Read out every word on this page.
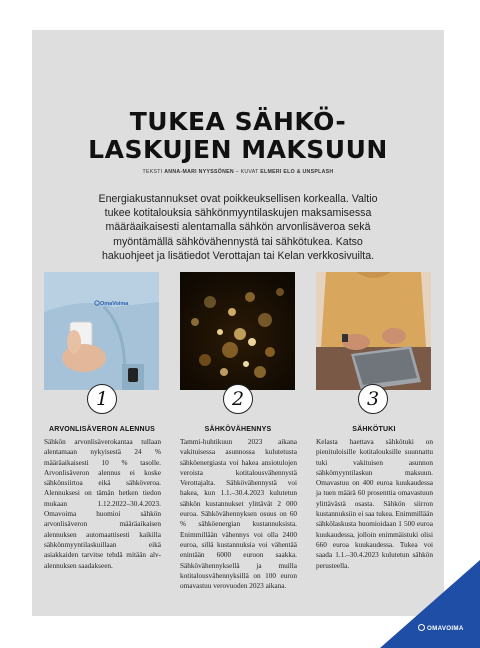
TUKEA SÄHKÖ-
LASKUJEN MAKSUUN
TEKSTI ANNA-MARI NYYSSÖNEN – KUVAT ELMERI ELO & UNSPLASH
Energiakustannukset ovat poikkeuksellisen korkealla. Valtio tukee kotitalouksia sähkönmyyntilaskujen maksamisessa määräaikaisesti alentamalla sähkön arvonlisäveroa sekä myöntämällä sähkövähennystä tai sähkötukea. Katso hakuohjeet ja lisätiedot Verottajan tai Kelan verkkosivuilta.
OmaVoima
1	2	3
ARVONLISÄVERON ALENNUS	SÄHKÖVÄHENNYS	SÄHKÖTUKI
Sähkön arvonlisäverokantaa tullaan alentamaan nykyisestä 24 % määräaikaisesti 10 % tasolle. Arvonlisäveron alennus ei koske sähkönsiirtoa eikä sähköveroa. Alennuksesi on tämän hetken tiedon mukaan 1.12.2022–30.4.2023. Omavoima huomioi sähkön arvonlisäveron määräaikaisen alennuksen automaattisesti kaikilla sähkönmyyntilaskuillaan eikä asiakkaiden tarvitse tehdä mitään alv-alennuksen saadakseen.
Tammi-huhtikuun 2023 aikana vakituisessa asunnossa kulutetusta sähköenergiasta voi hakea ansiotulojen veroista kotitalousvähennystä Verottajalta. Sähkövähennystä voi hakea, kun 1.1.–30.4.2023 kulutetun sähkön kustannukset ylittävät 2 000 euroa. Sähkövähennyksen osuus on 60 % sähköenergian kustannuksista. Enimmillään vähennys voi olla 2400 euroa, sillä kustannuksia voi vähentää enintään 6000 euroon saakka. Sähkövähennyksellä ja muilla kotitalousvähennyksillä on 100 euron omavastuu verovuoden 2023 aikana.
Kelasta haettava sähkötuki on pienituloisille kotitalouksille suunnattu tuki vakituisen asunnon sähkömyyntilaskun maksuun. Omavastuu on 400 euroa kuukaudessa ja tuen määrä 60 prosenttia omavastuun ylittävästä osasta. Sähkön siirron kustannuksiin ei saa tukea. Enimmillään sähkölaskusta huomioidaan 1 500 euroa kuukaudessa, jolloin enimmäistuki olisi 660 euroa kuukaudessa. Tukea voi saada 1.1.–30.4.2023 kulutetun sähkön perusteella.
OMAVOIMA
